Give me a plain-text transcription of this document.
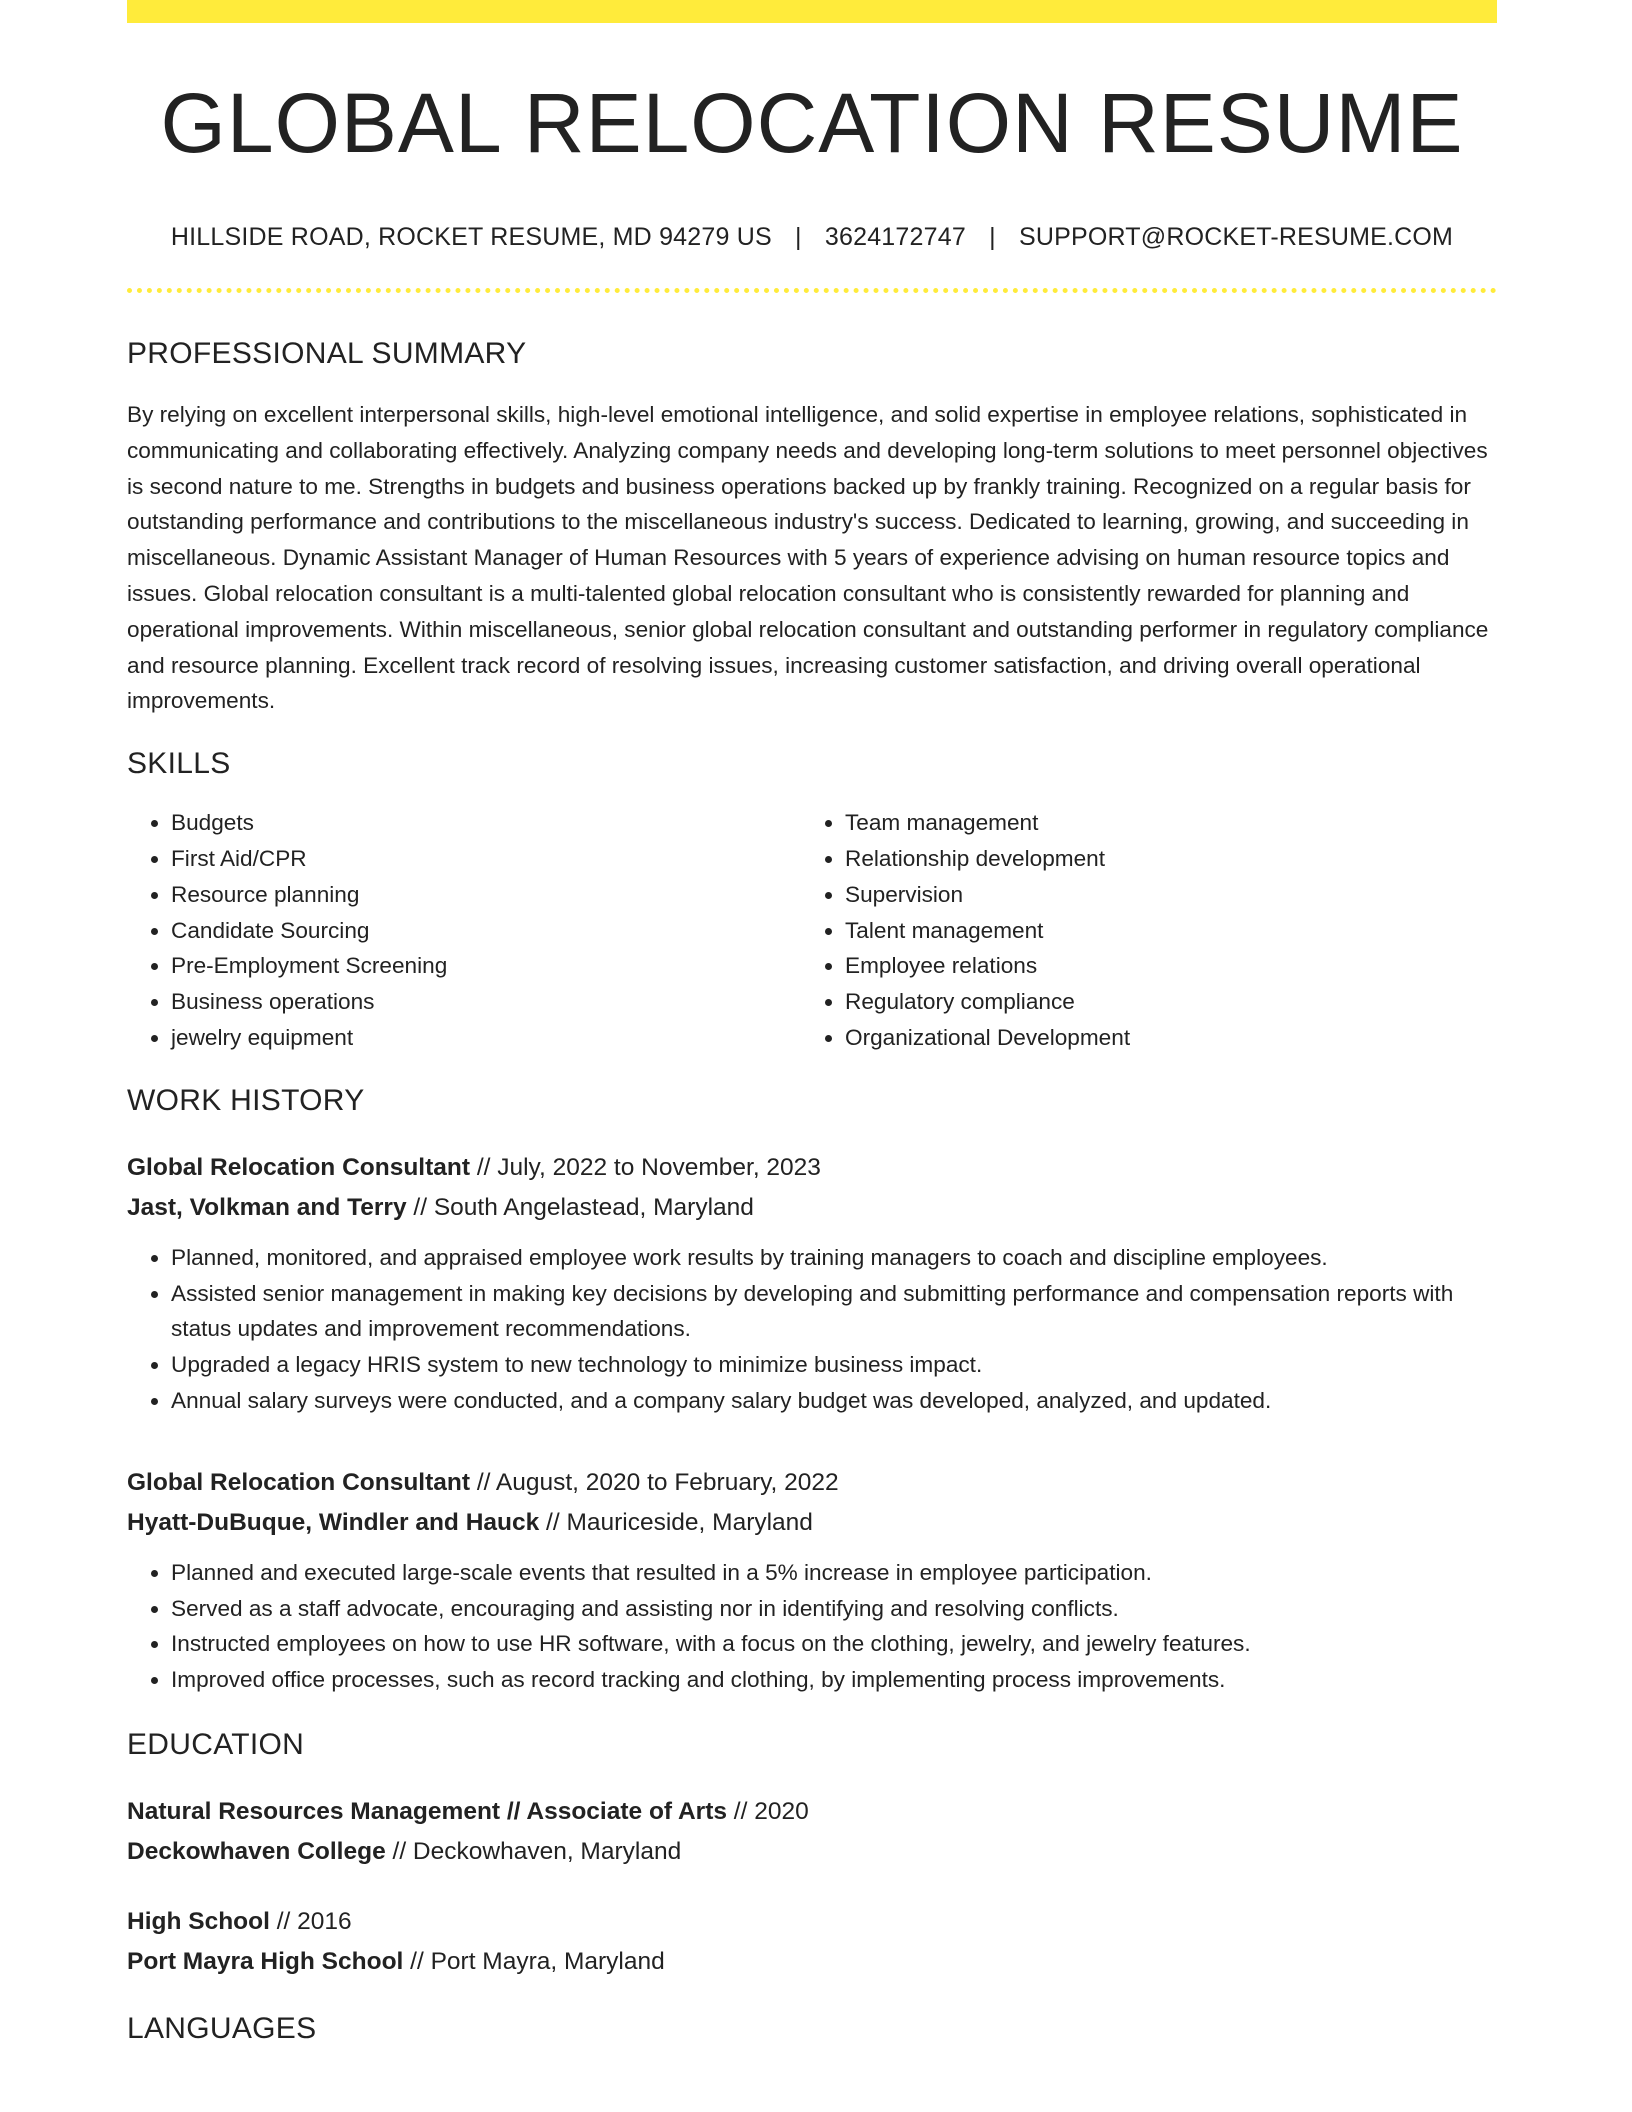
GLOBAL RELOCATION RESUME
HILLSIDE ROAD, ROCKET RESUME, MD 94279 US | 3624172747 | SUPPORT@ROCKET-RESUME.COM
PROFESSIONAL SUMMARY
By relying on excellent interpersonal skills, high-level emotional intelligence, and solid expertise in employee relations, sophisticated in communicating and collaborating effectively. Analyzing company needs and developing long-term solutions to meet personnel objectives is second nature to me. Strengths in budgets and business operations backed up by frankly training. Recognized on a regular basis for outstanding performance and contributions to the miscellaneous industry's success. Dedicated to learning, growing, and succeeding in miscellaneous. Dynamic Assistant Manager of Human Resources with 5 years of experience advising on human resource topics and issues. Global relocation consultant is a multi-talented global relocation consultant who is consistently rewarded for planning and operational improvements. Within miscellaneous, senior global relocation consultant and outstanding performer in regulatory compliance and resource planning. Excellent track record of resolving issues, increasing customer satisfaction, and driving overall operational improvements.
SKILLS
• Budgets
• First Aid/CPR
• Resource planning
• Candidate Sourcing
• Pre-Employment Screening
• Business operations
• jewelry equipment
• Team management
• Relationship development
• Supervision
• Talent management
• Employee relations
• Regulatory compliance
• Organizational Development
WORK HISTORY
Global Relocation Consultant // July, 2022 to November, 2023
Jast, Volkman and Terry // South Angelastead, Maryland
• Planned, monitored, and appraised employee work results by training managers to coach and discipline employees.
• Assisted senior management in making key decisions by developing and submitting performance and compensation reports with status updates and improvement recommendations.
• Upgraded a legacy HRIS system to new technology to minimize business impact.
• Annual salary surveys were conducted, and a company salary budget was developed, analyzed, and updated.
Global Relocation Consultant // August, 2020 to February, 2022
Hyatt-DuBuque, Windler and Hauck // Mauriceside, Maryland
• Planned and executed large-scale events that resulted in a 5% increase in employee participation.
• Served as a staff advocate, encouraging and assisting nor in identifying and resolving conflicts.
• Instructed employees on how to use HR software, with a focus on the clothing, jewelry, and jewelry features.
• Improved office processes, such as record tracking and clothing, by implementing process improvements.
EDUCATION
Natural Resources Management // Associate of Arts // 2020
Deckowhaven College // Deckowhaven, Maryland
High School // 2016
Port Mayra High School // Port Mayra, Maryland
LANGUAGES
